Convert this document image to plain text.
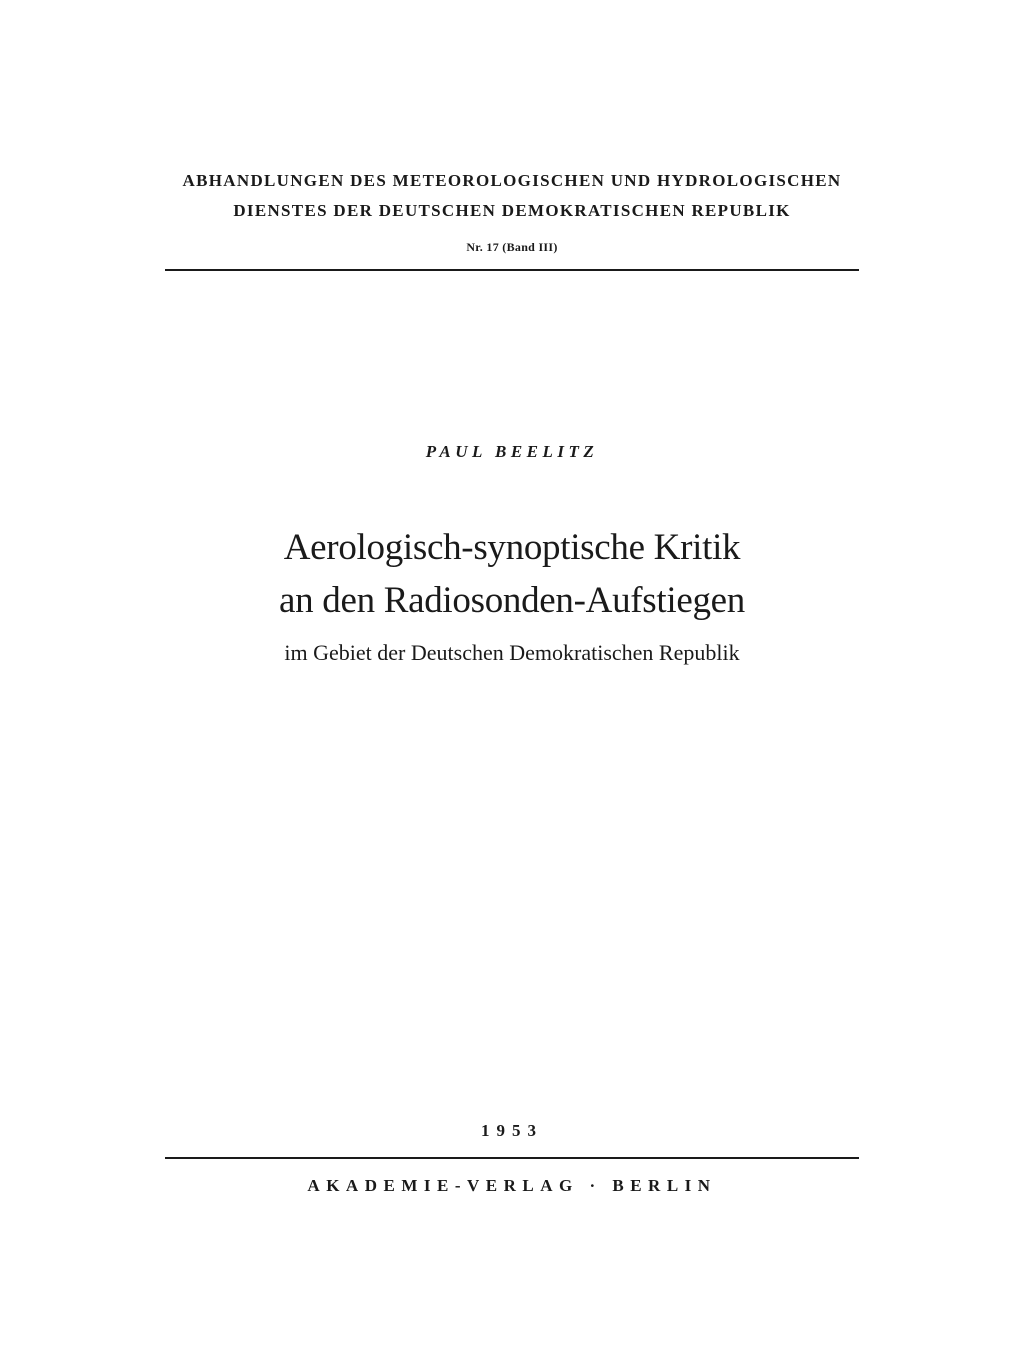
ABHANDLUNGEN DES METEOROLOGISCHEN UND HYDROLOGISCHEN
DIENSTES DER DEUTSCHEN DEMOKRATISCHEN REPUBLIK
Nr. 17 (Band III)
PAUL BEELITZ
Aerologisch-synoptische Kritik
an den Radiosonden-Aufstiegen
im Gebiet der Deutschen Demokratischen Republik
1953
AKADEMIE-VERLAG · BERLIN
